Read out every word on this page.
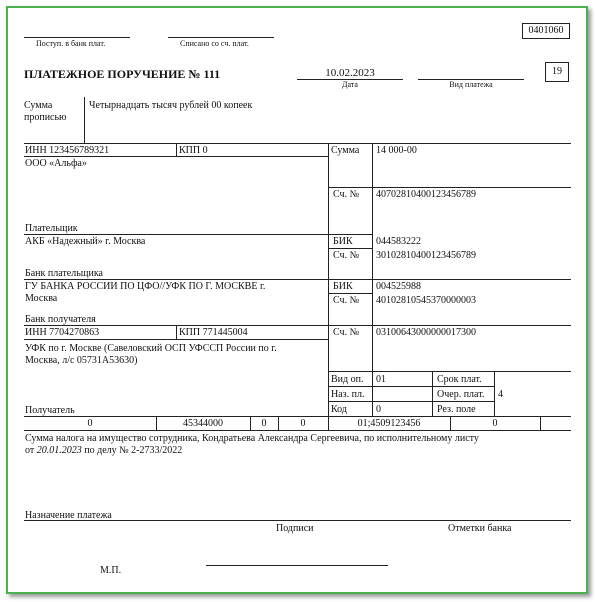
0401060
Поступ. в банк плат.	Списано со сч. плат.
ПЛАТЕЖНОЕ ПОРУЧЕНИЕ № 111	10.02.2023
Дата	Вид платежа
19
Сумма
прописью
Четырнадцать тысяч рублей 00 копеек
ИНН 123456789321	КПП 0
ООО «Альфа»
Плательщик
Сумма 14 000-00
Сч. № 40702810400123456789
АКБ «Надежный» г. Москва
Банк плательщика
БИК 044583222
Сч. № 30102810400123456789
ГУ БАНКА РОССИИ ПО ЦФО//УФК ПО Г. МОСКВЕ г.
Москва
Банк получателя
БИК 004525988
Сч. № 40102810545370000003
ИНН 7704270863	КПП 771445004	Сч. № 03100643000000017300
УФК по г. Москве (Савеловский ОСП УФССП России по г.
Москва, л/с 05731А53630)
Получатель
Вид оп. 01	Срок плат.
Наз. пл.	Очер. плат. 4
Код	0	Рез. поле
0	45344000	0	0	01;4509123456	0
Сумма налога на имущество сотрудника, Кондратьева Александра Сергеевича, по исполнительному листу
от 20.01.2023 по делу № 2-2733/2022
Назначение платежа
Подписи	Отметки банка
М.П.
